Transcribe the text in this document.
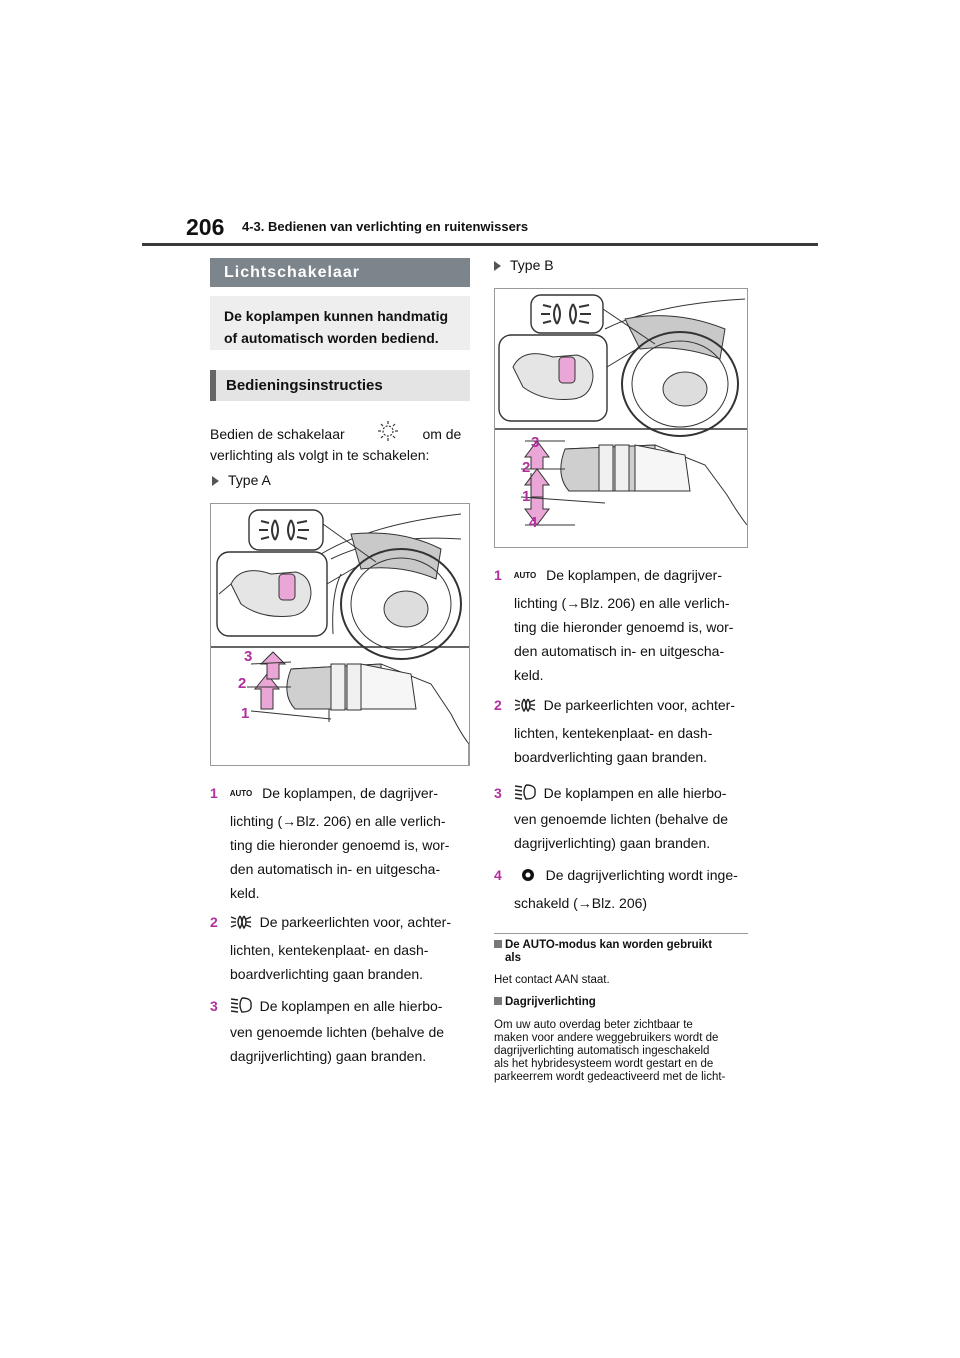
206 4-3. Bedienen van verlichting en ruitenwissers
Lichtschakelaar
De koplampen kunnen handmatig
of automatisch worden bediend.
Bedieningsinstructies
Bedien de schakelaar	om de
verlichting als volgt in te schakelen:
Type A
3
2
1
1 AUTO De koplampen, de dagrijver-
lichting (→Blz. 206) en alle verlich-
ting die hieronder genoemd is, wor-
den automatisch in- en uitgescha-
keld.
2	De parkeerlichten voor, achter-
lichten, kentekenplaat- en dash-
boardverlichting gaan branden.
3	De koplampen en alle hierbo-
ven genoemde lichten (behalve de
dagrijverlichting) gaan branden.
Type B
3
2
1
4
1 AUTO De koplampen, de dagrijver-
lichting (→Blz. 206) en alle verlich-
ting die hieronder genoemd is, wor-
den automatisch in- en uitgescha-
keld.
2	De parkeerlichten voor, achter-
lichten, kentekenplaat- en dash-
boardverlichting gaan branden.
3	De koplampen en alle hierbo-
ven genoemde lichten (behalve de
dagrijverlichting) gaan branden.
4	De dagrijverlichting wordt inge-
schakeld (→Blz. 206)
De AUTO-modus kan worden gebruikt
als
Het contact AAN staat.
Dagrijverlichting
Om uw auto overdag beter zichtbaar te
maken voor andere weggebruikers wordt de
dagrijverlichting automatisch ingeschakeld
als het hybridesysteem wordt gestart en de
parkeerrem wordt gedeactiveerd met de licht-
